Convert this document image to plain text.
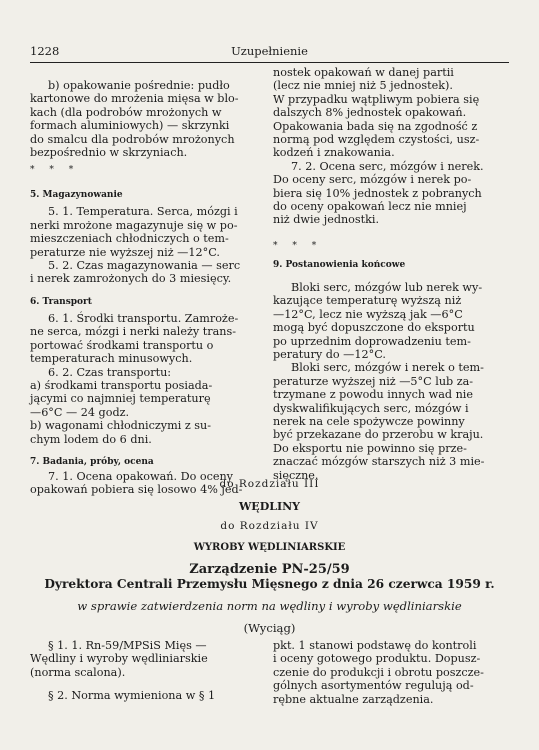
1228	Uzupełnienie

b) opakowanie pośrednie: pudło
kartonowe do mrożenia mięsa w blo-
kach (dla podrobów mrożonych w
formach aluminiowych) — skrzynki
do smalcu dla podrobów mrożonych
bezpośrednio w skrzyniach.

* * *

5. Magazynowanie

5. 1. Temperatura. Serca, mózgi i
nerki mrożone magazynuje się w po-
mieszczeniach chłodniczych o tem-
peraturze nie wyższej niż —12°C.

5. 2. Czas magazynowania — serc
i nerek zamrożonych do 3 miesięcy.

6. Transport

6. 1. Środki transportu. Zamroże-
ne serca, mózgi i nerki należy trans-
portować środkami transportu o
temperaturach minusowych.

6. 2. Czas transportu:
a) środkami transportu posiada-
jącymi co najmniej temperaturę
—6°C — 24 godz.
b) wagonami chłodniczymi z su-
chym lodem do 6 dni.

7. Badania, próby, ocena

7. 1. Ocena opakowań. Do oceny
opakowań pobiera się losowo 4% jed-

nostek opakowań w danej partii
(lecz nie mniej niż 5 jednostek).
W przypadku wątpliwym pobiera się
dalszych 8% jednostek opakowań.
Opakowania bada się na zgodność z
normą pod względem czystości, usz-
kodzeń i znakowania.

7. 2. Ocena serc, mózgów i nerek.
Do oceny serc, mózgów i nerek po-
biera się 10% jednostek z pobranych
do oceny opakowań lecz nie mniej
niż dwie jednostki.

* * *

9. Postanowienia końcowe

Bloki serc, mózgów lub nerek wy-
kazujące temperaturę wyższą niż
—12°C, lecz nie wyższą jak —6°C
mogą być dopuszczone do eksportu
po uprzednim doprowadzeniu tem-
peratury do —12°C.

Bloki serc, mózgów i nerek o tem-
peraturze wyższej niż —5°C lub za-
trzymane z powodu innych wad nie
dyskwalifikujących serc, mózgów i
nerek na cele spożywcze powinny
być przekazane do przerobu w kraju.
Do eksportu nie powinno się prze-
znaczać mózgów starszych niż 3 mie-
sięczne.

do Rozdziału III
WĘDLINY
do Rozdziału IV
WYROBY WĘDLINIARSKIE
Zarządzenie PN-25/59
Dyrektora Centrali Przemysłu Mięsnego z dnia 26 czerwca 1959 r.
w sprawie zatwierdzenia norm na wędliny i wyroby wędliniarskie
(Wyciąg)

§ 1. 1. Rn-59/MPSiS Mięs —
Wędliny i wyroby wędliniarskie
(norma scalona).

§ 2. Norma wymieniona w § 1

pkt. 1 stanowi podstawę do kontroli
i oceny gotowego produktu. Dopusz-
czenie do produkcji i obrotu poszcze-
gólnych asortymentów regulują od-
rębne aktualne zarządzenia.
